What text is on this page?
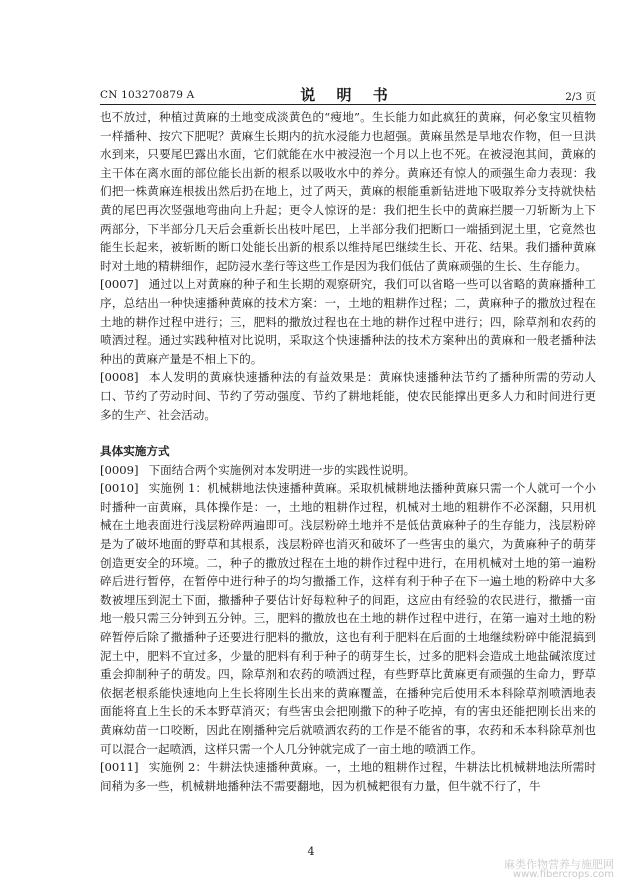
CN 103270879 A	说 明 书	2/3 页

也不放过，种植过黄麻的土地变成淡黄色的“瘦地”。生长能力如此疯狂的黄麻，何必象宝贝植物一样播种、按穴下肥呢？黄麻生长期内的抗水浸能力也超强。黄麻虽然是旱地农作物，但一旦洪水到来，只要尾巴露出水面，它们就能在水中被浸泡一个月以上也不死。在被浸泡其间，黄麻的主干体在离水面的部位能长出新的根系以吸收水中的养分。黄麻还有惊人的顽强生命力表现：我们把一株黄麻连根拔出然后扔在地上，过了两天，黄麻的根能重新钻进地下吸取养分支持就快枯黄的尾巴再次竖强地弯曲向上升起；更令人惊讶的是：我们把生长中的黄麻拦腰一刀斩断为上下两部分，下半部分几天后会重新长出枝叶尾巴，上半部分我们把断口一端插到泥土里，它竟然也能生长起来，被斩断的断口处能长出新的根系以维持尾巴继续生长、开花、结果。我们播种黄麻时对土地的精耕细作，起防浸水垄行等这些工作是因为我们低估了黄麻顽强的生长、生存能力。

[0007] 通过以上对黄麻的种子和生长期的观察研究，我们可以省略一些可以省略的黄麻播种工序，总结出一种快速播种黄麻的技术方案：一，土地的粗耕作过程；二，黄麻种子的撒放过程在土地的耕作过程中进行；三，肥料的撒放过程也在土地的耕作过程中进行；四，除草剂和农药的喷洒过程。通过实践种植对比说明，采取这个快速播种法的技术方案种出的黄麻和一般老播种法种出的黄麻产量是不相上下的。

[0008] 本人发明的黄麻快速播种法的有益效果是：黄麻快速播种法节约了播种所需的劳动人口、节约了劳动时间、节约了劳动强度、节约了耕地耗能，使农民能撑出更多人力和时间进行更多的生产、社会活动。

具体实施方式

[0009] 下面结合两个实施例对本发明进一步的实践性说明。

[0010] 实施例 1：机械耕地法快速播种黄麻。采取机械耕地法播种黄麻只需一个人就可一个小时播种一亩黄麻，具体操作是：一，土地的粗耕作过程，机械对土地的粗耕作不必深翻，只用机械在土地表面进行浅层粉碎两遍即可。浅层粉碎土地并不是低估黄麻种子的生存能力，浅层粉碎是为了破坏地面的野草和其根系，浅层粉碎也消灭和破坏了一些害虫的巢穴，为黄麻种子的萌芽创造更安全的环境。二，种子的撒放过程在土地的耕作过程中进行，在用机械对土地的第一遍粉碎后进行暂停，在暂停中进行种子的均匀撒播工作，这样有利于种子在下一遍土地的粉碎中大多数被埋压到泥土下面，撒播种子要估计好每粒种子的间距，这应由有经验的农民进行，撒播一亩地一般只需三分钟到五分钟。三，肥料的撒放也在土地的耕作过程中进行，在第一遍对土地的粉碎暂停后除了撒播种子还要进行肥料的撒放，这也有利于肥料在后面的土地继续粉碎中能混搞到泥土中，肥料不宜过多，少量的肥料有利于种子的萌芽生长，过多的肥料会造成土地盐碱浓度过重会抑制种子的萌发。四，除草剂和农药的喷洒过程，有些野草比黄麻更有顽强的生命力，野草依据老根系能快速地向上生长将刚生长出来的黄麻覆盖，在播种完后使用禾本科除草剂喷洒地表面能将直上生长的禾本野草消灭；有些害虫会把刚撒下的种子吃掉，有的害虫还能把刚长出来的黄麻幼苗一口咬断，因此在刚播种完后就喷洒农药的工作是不能省的事，农药和禾本科除草剂也可以混合一起喷洒，这样只需一个人几分钟就完成了一亩土地的喷洒工作。

[0011] 实施例 2：牛耕法快速播种黄麻。一，土地的粗耕作过程，牛耕法比机械耕地法所需时间稍为多一些，机械耕地播种法不需要翻地，因为机械耙很有力量，但牛就不行了，牛

4
麻类作物营养与施肥网
www.fibercrops.com
